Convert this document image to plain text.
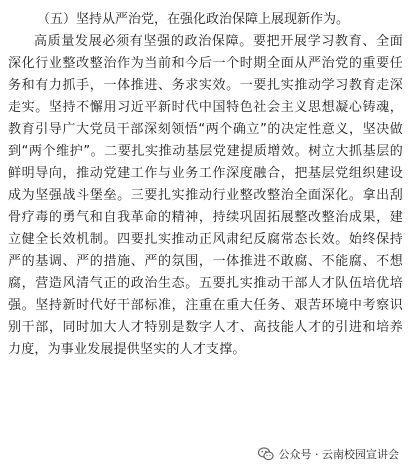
（五）坚持从严治党，在强化政治保障上展现新作为。

高质量发展必须有坚强的政治保障。要把开展学习教育、全面深化行业整改整治作为当前和今后一个时期全面从严治党的重要任务和有力抓手，一体推进、务求实效。一要扎实推动学习教育走深走实。坚持不懈用习近平新时代中国特色社会主义思想凝心铸魂，教育引导广大党员干部深刻领悟“两个确立”的决定性意义，坚决做到“两个维护”。二要扎实推动基层党建提质增效。树立大抓基层的鲜明导向，推动党建工作与业务工作深度融合，把基层党组织建设成为坚强战斗堡垒。三要扎实推动行业整改整治全面深化。拿出刮骨疗毒的勇气和自我革命的精神，持续巩固拓展整改整治成果，建立健全长效机制。四要扎实推动正风肃纪反腐常态长效。始终保持严的基调、严的措施、严的氛围，一体推进不敢腐、不能腐、不想腐，营造风清气正的政治生态。五要扎实推动干部人才队伍培优培强。坚持新时代好干部标准，注重在重大任务、艰苦环境中考察识别干部，同时加大人才特别是数字人才、高技能人才的引进和培养力度，为事业发展提供坚实的人才支撑。

公众号 · 云南校园宣讲会
